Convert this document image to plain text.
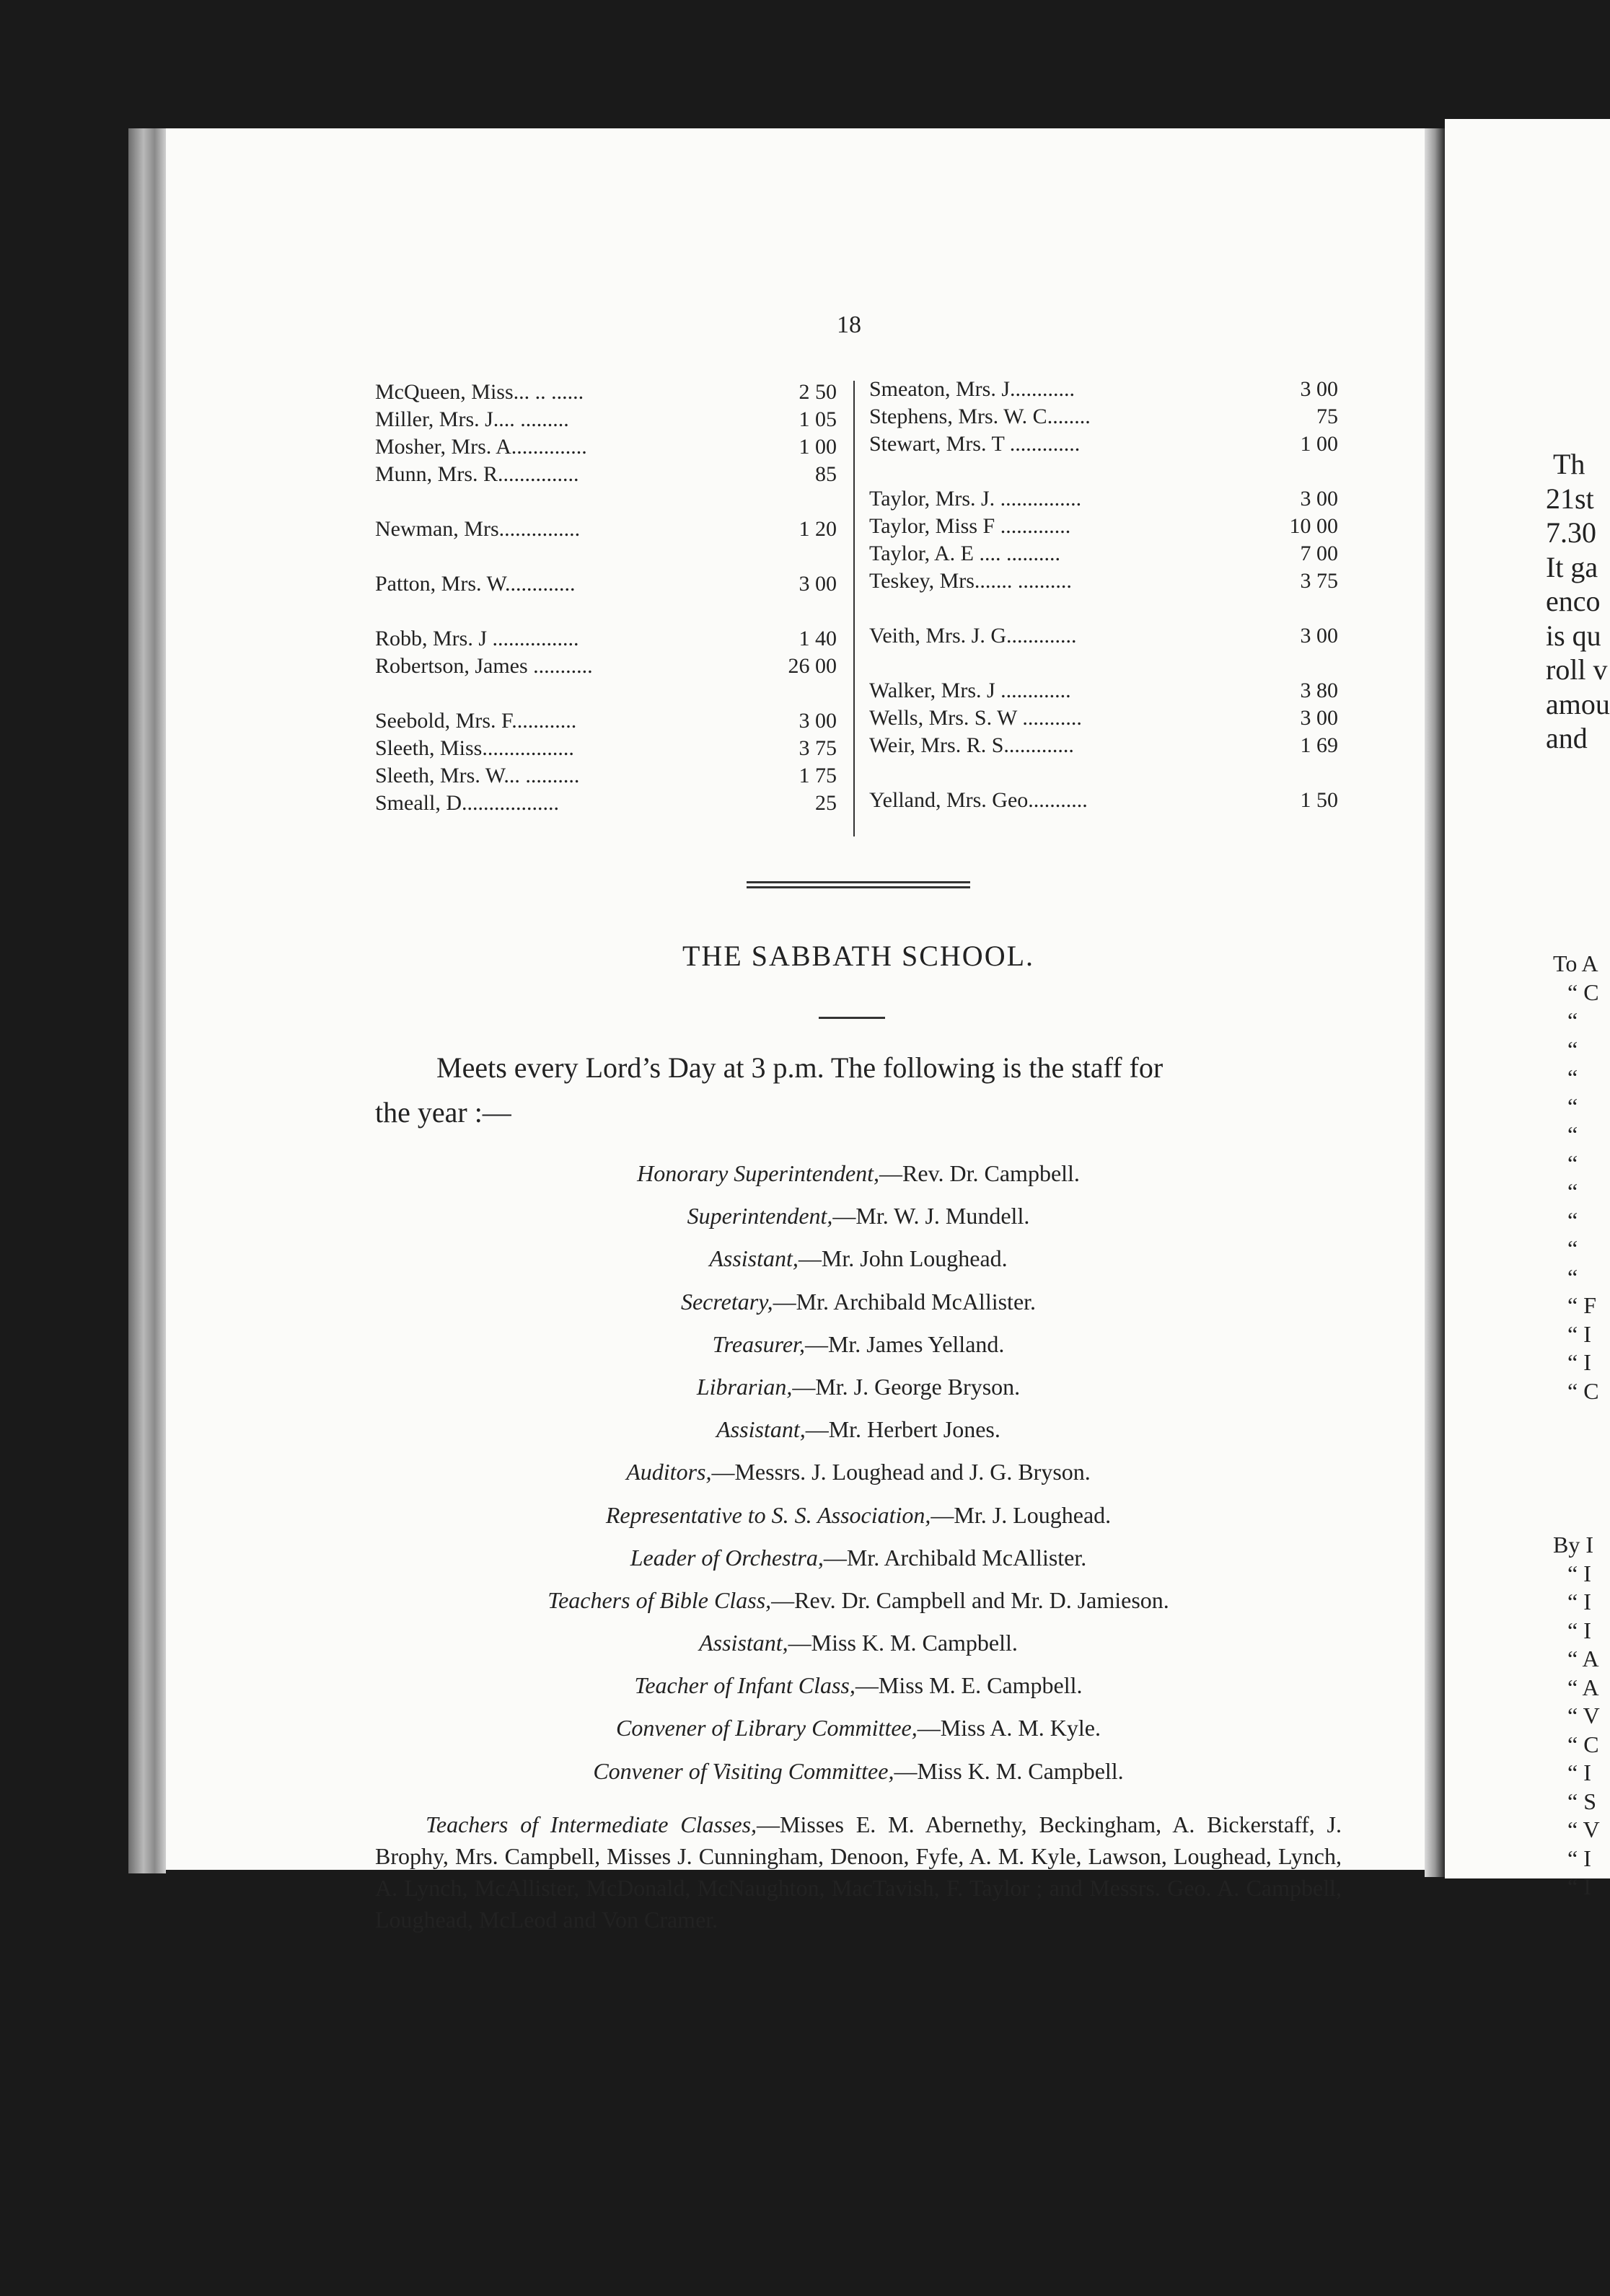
18
McQueen, Miss... .. ......	2 50
Miller, Mrs. J.... .........	1 05
Mosher, Mrs. A..............	1 00
Munn, Mrs. R...............	85
Newman, Mrs...............	1 20
Patton, Mrs. W.............	3 00
Robb, Mrs. J ................	1 40
Robertson, James ...........	26 00
Seebold, Mrs. F............	3 00
Sleeth, Miss.................	3 75
Sleeth, Mrs. W... ..........	1 75
Smeall, D..................	25
Smeaton, Mrs. J............	3 00
Stephens, Mrs. W. C........	75
Stewart, Mrs. T .............	1 00
Taylor, Mrs. J. ...............	3 00
Taylor, Miss F .............	10 00
Taylor, A. E .... ..........	7 00
Teskey, Mrs....... ..........	3 75
Veith, Mrs. J. G.............	3 00
Walker, Mrs. J .............	3 80
Wells, Mrs. S. W ...........	3 00
Weir, Mrs. R. S.............	1 69
Yelland, Mrs. Geo...........	1 50
THE SABBATH SCHOOL.
Meets every Lord’s Day at 3 p.m. The following is the staff for
the year :—
Honorary Superintendent,—Rev. Dr. Campbell.
Superintendent,—Mr. W. J. Mundell.
Assistant,—Mr. John Loughead.
Secretary,—Mr. Archibald McAllister.
Treasurer,—Mr. James Yelland.
Librarian,—Mr. J. George Bryson.
Assistant,—Mr. Herbert Jones.
Auditors,—Messrs. J. Loughead and J. G. Bryson.
Representative to S. S. Association,—Mr. J. Loughead.
Leader of Orchestra,—Mr. Archibald McAllister.
Teachers of Bible Class,—Rev. Dr. Campbell and Mr. D. Jamieson.
Assistant,—Miss K. M. Campbell.
Teacher of Infant Class,—Miss M. E. Campbell.
Convener of Library Committee,—Miss A. M. Kyle.
Convener of Visiting Committee,—Miss K. M. Campbell.
Teachers of Intermediate Classes,—Misses E. M. Abernethy, Beckingham, A. Bickerstaff, J. Brophy, Mrs. Campbell, Misses J. Cunningham, Denoon, Fyfe, A. M. Kyle, Lawson, Loughead, Lynch, A. Lynch, McAllister, McDonald, McNaughton, MacTavish, F. Taylor ; and Messrs. Geo. A. Campbell, Loughead, McLeod and Von Cramer.
Th
21st
7.30
It ga
enco
is qu
roll v
amou
and
To A
“ C
“
“
“
“
“
“
“
“
“
“
“ F
“ I
“ I
“ C
By I
“ I
“ I
“ I
“ A
“ A
“ V
“ C
“ I
“ S
“ V
“ I
“ I
